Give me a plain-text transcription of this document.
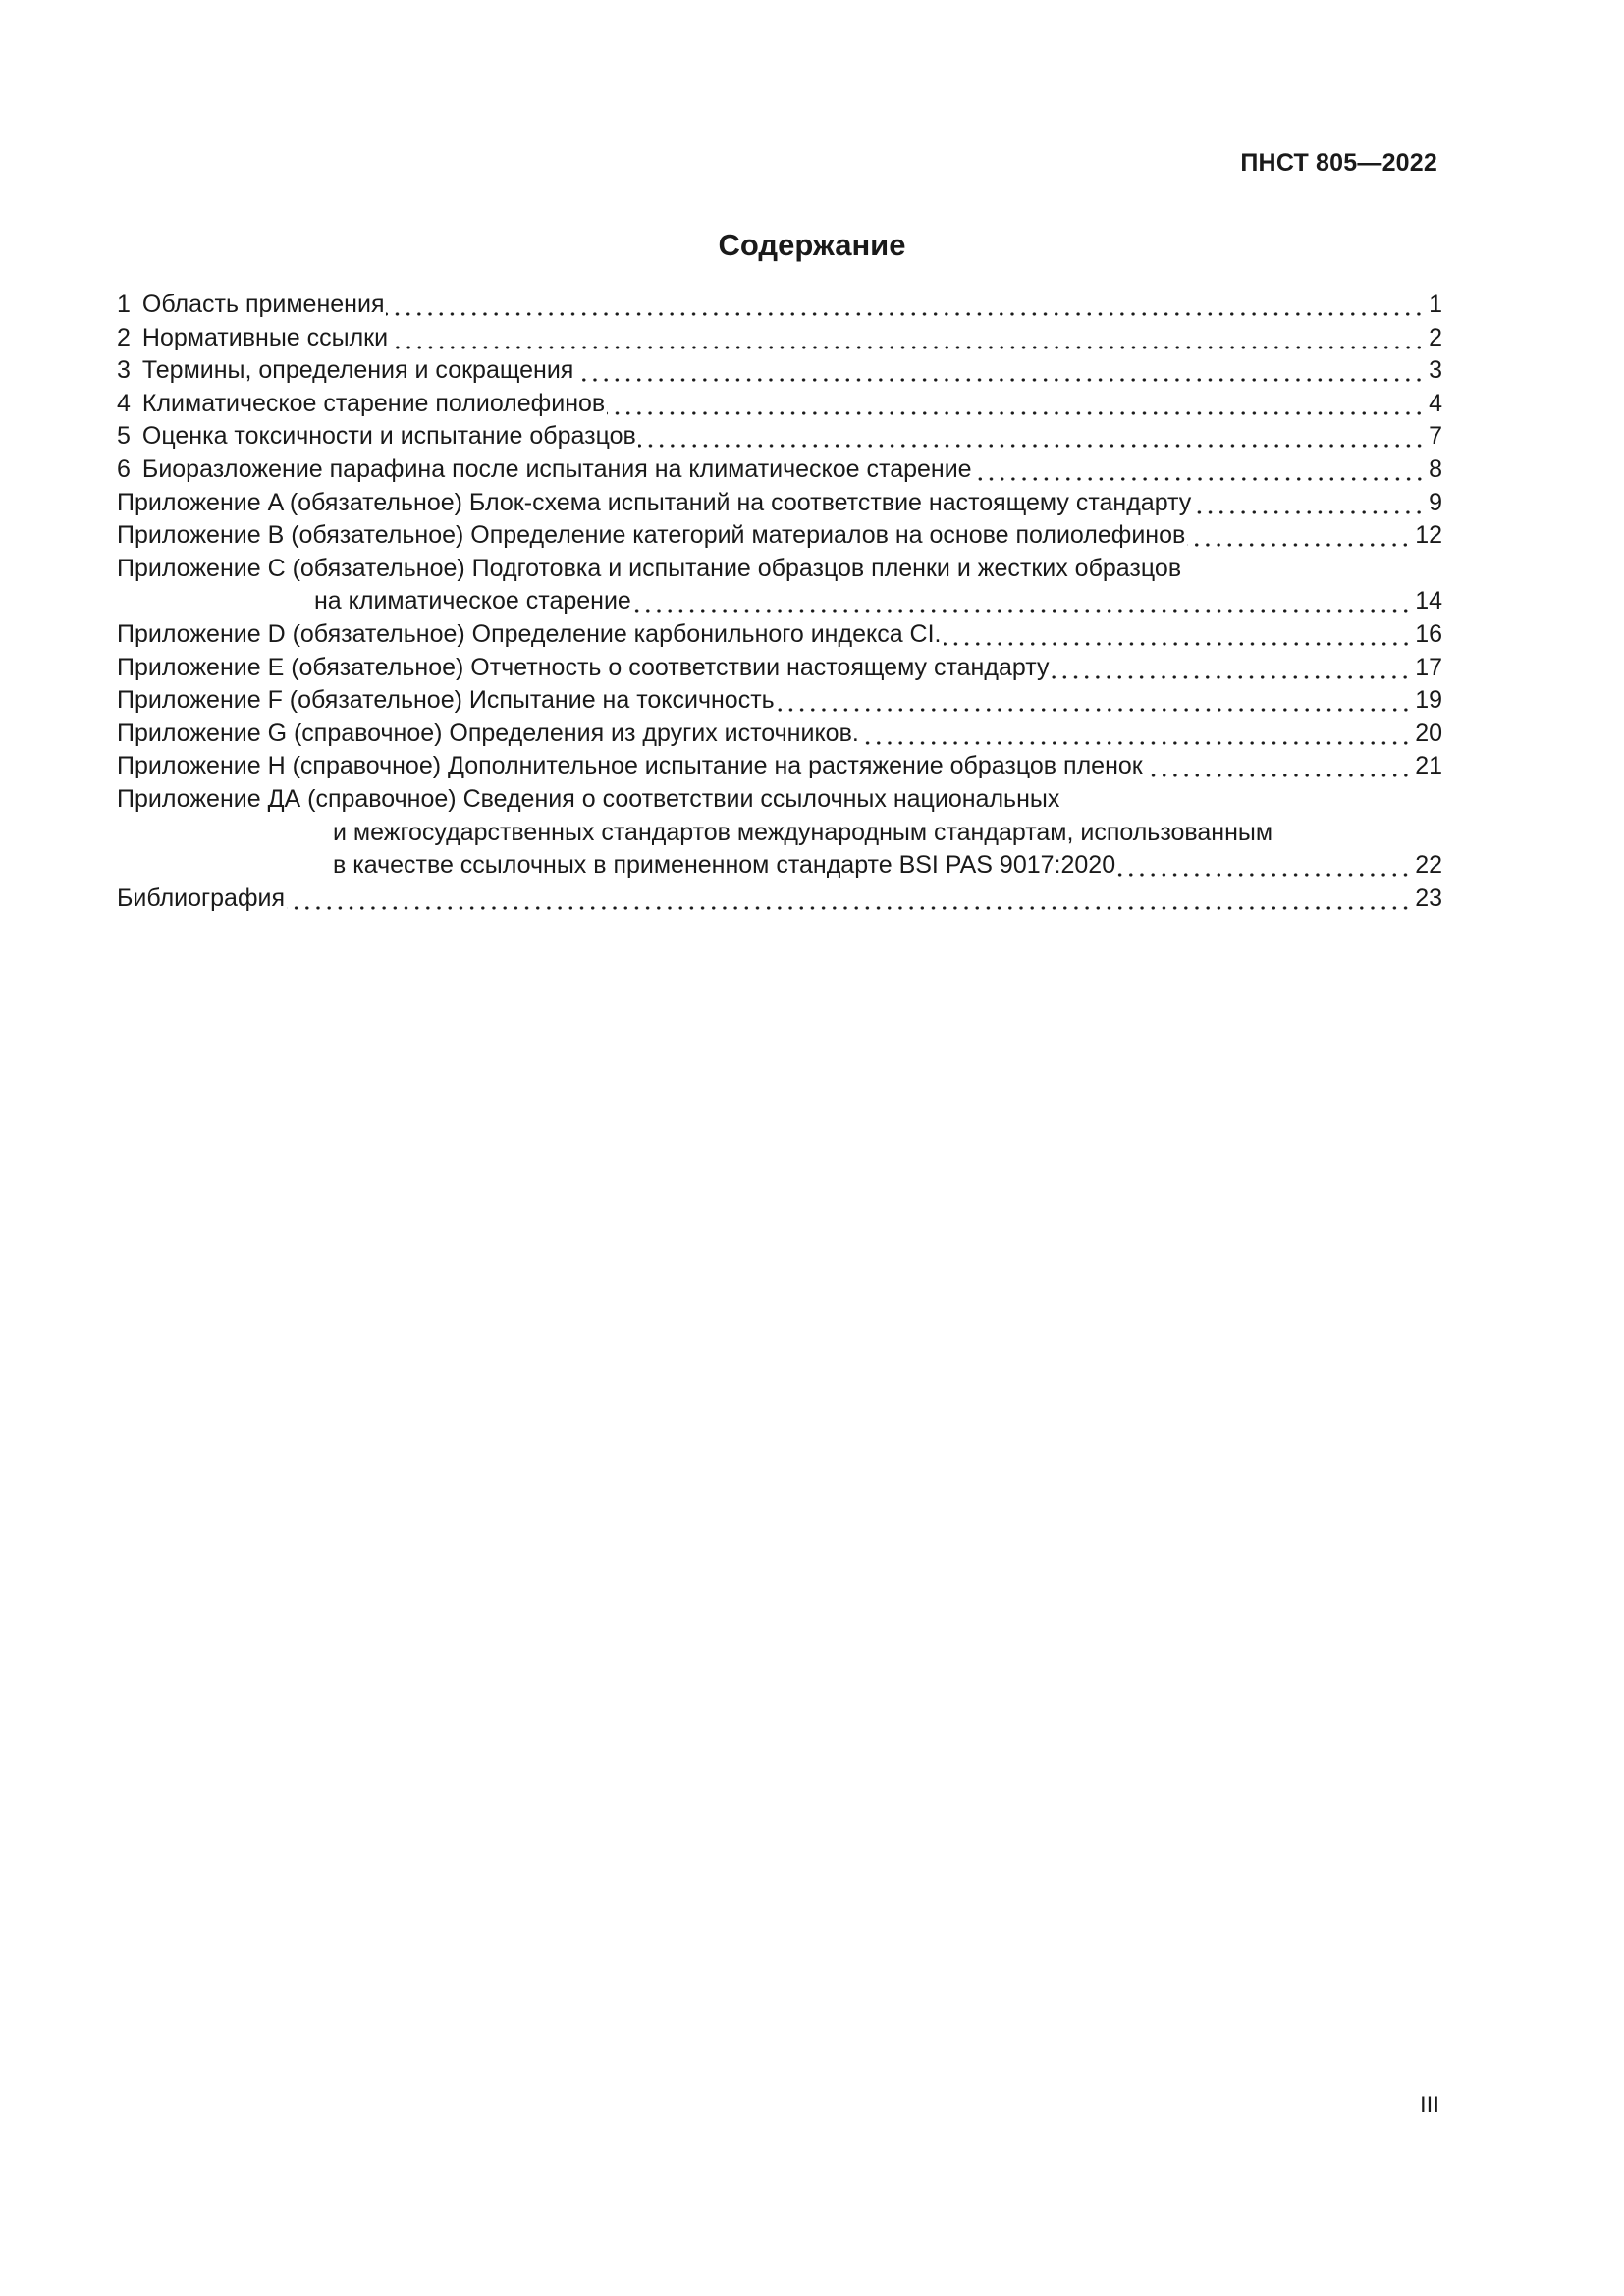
ПНСТ 805—2022
Содержание
1 Область применения	1
2 Нормативные ссылки	2
3 Термины, определения и сокращения	3
4 Климатическое старение полиолефинов	4
5 Оценка токсичности и испытание образцов	7
6 Биоразложение парафина после испытания на климатическое старение	8
Приложение A (обязательное) Блок-схема испытаний на соответствие настоящему стандарту	9
Приложение B (обязательное) Определение категорий материалов на основе полиолефинов	12
Приложение C (обязательное) Подготовка и испытание образцов пленки и жестких образцов
на климатическое старение	14
Приложение D (обязательное) Определение карбонильного индекса CI.	16
Приложение E (обязательное) Отчетность о соответствии настоящему стандарту	17
Приложение F (обязательное) Испытание на токсичность	19
Приложение G (справочное) Определения из других источников.	20
Приложение H (справочное) Дополнительное испытание на растяжение образцов пленок	21
Приложение ДА (справочное) Сведения о соответствии ссылочных национальных
и межгосударственных стандартов международным стандартам, использованным
в качестве ссылочных в примененном стандарте BSI PAS 9017:2020	22
Библиография	23
III
